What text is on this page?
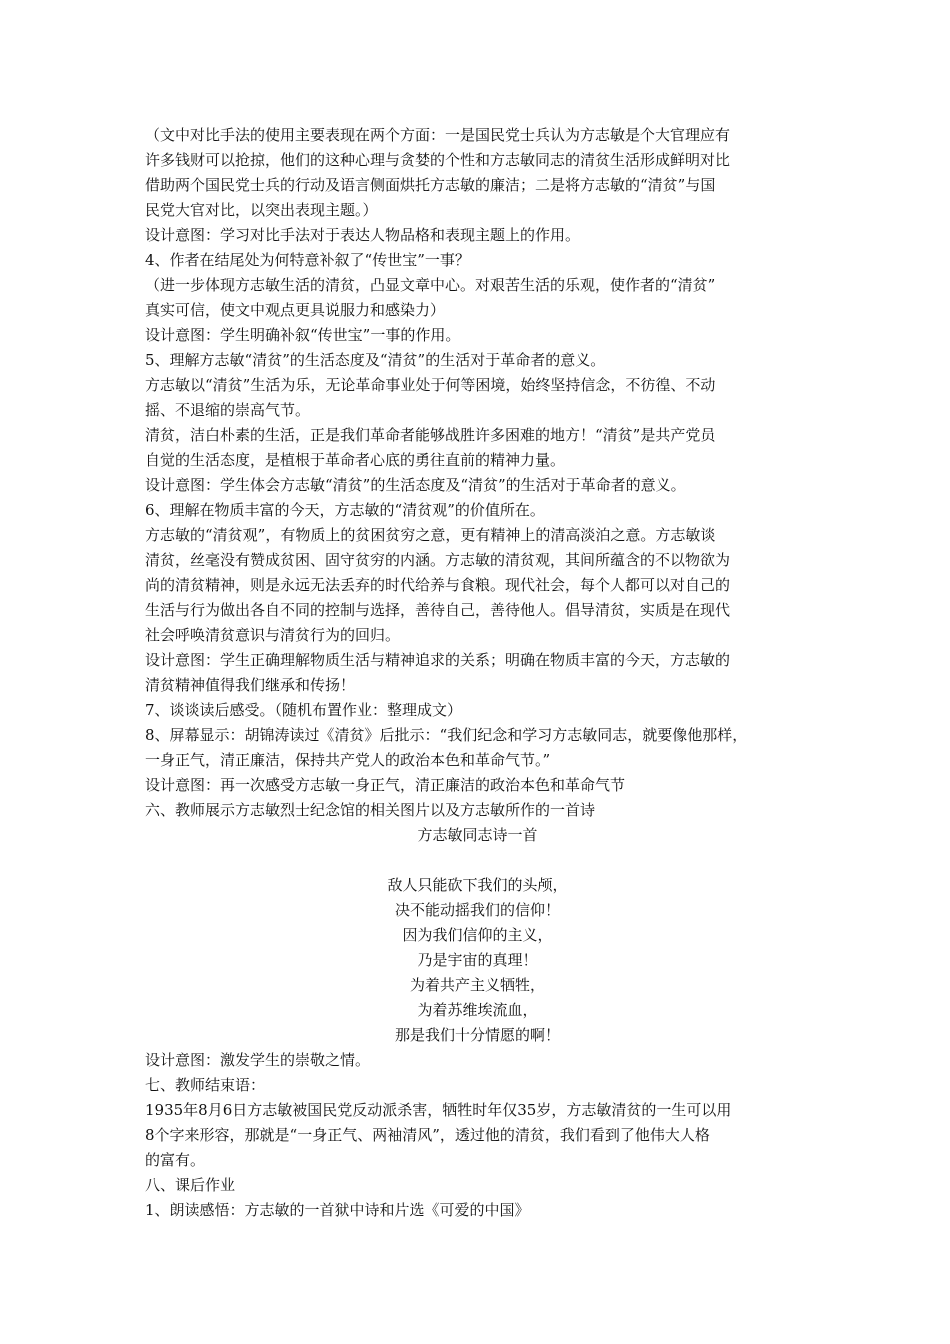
（文中对比手法的使用主要表现在两个方面：一是国民党士兵认为方志敏是个大官理应有
许多钱财可以抢掠，他们的这种心理与贪婪的个性和方志敏同志的清贫生活形成鲜明对比
借助两个国民党士兵的行动及语言侧面烘托方志敏的廉洁；二是将方志敏的“清贫”与国
民党大官对比，以突出表现主题。）
设计意图：学习对比手法对于表达人物品格和表现主题上的作用。
4、作者在结尾处为何特意补叙了“传世宝”一事？
（进一步体现方志敏生活的清贫，凸显文章中心。对艰苦生活的乐观，使作者的“清贫”
真实可信，使文中观点更具说服力和感染力）
设计意图：学生明确补叙“传世宝”一事的作用。
5、理解方志敏“清贫”的生活态度及“清贫”的生活对于革命者的意义。
方志敏以“清贫”生活为乐，无论革命事业处于何等困境，始终坚持信念，不彷徨、不动
摇、不退缩的崇高气节。
清贫，洁白朴素的生活，正是我们革命者能够战胜许多困难的地方！“清贫”是共产党员
自觉的生活态度，是植根于革命者心底的勇往直前的精神力量。
设计意图：学生体会方志敏“清贫”的生活态度及“清贫”的生活对于革命者的意义。
6、理解在物质丰富的今天，方志敏的“清贫观”的价值所在。
方志敏的“清贫观”，有物质上的贫困贫穷之意，更有精神上的清高淡泊之意。方志敏谈
清贫，丝毫没有赞成贫困、固守贫穷的内涵。方志敏的清贫观，其间所蕴含的不以物欲为
尚的清贫精神，则是永远无法丢弃的时代给养与食粮。现代社会，每个人都可以对自己的
生活与行为做出各自不同的控制与选择，善待自己，善待他人。倡导清贫，实质是在现代
社会呼唤清贫意识与清贫行为的回归。
设计意图：学生正确理解物质生活与精神追求的关系；明确在物质丰富的今天，方志敏的
清贫精神值得我们继承和传扬！
7、谈谈读后感受。（随机布置作业：整理成文）
8、屏幕显示：胡锦涛读过《清贫》后批示：“我们纪念和学习方志敏同志，就要像他那样，
一身正气，清正廉洁，保持共产党人的政治本色和革命气节。”
设计意图：再一次感受方志敏一身正气，清正廉洁的政治本色和革命气节
六、教师展示方志敏烈士纪念馆的相关图片以及方志敏所作的一首诗
方志敏同志诗一首
敌人只能砍下我们的头颅，
决不能动摇我们的信仰！
因为我们信仰的主义，
乃是宇宙的真理！
为着共产主义牺牲，
为着苏维埃流血，
那是我们十分情愿的啊！
设计意图：激发学生的崇敬之情。
七、教师结束语：
1935年8月6日方志敏被国民党反动派杀害，牺牲时年仅35岁，方志敏清贫的一生可以用
8个字来形容，那就是“一身正气、两袖清风”，透过他的清贫，我们看到了他伟大人格
的富有。
八、课后作业
1、朗读感悟：方志敏的一首狱中诗和片选《可爱的中国》
